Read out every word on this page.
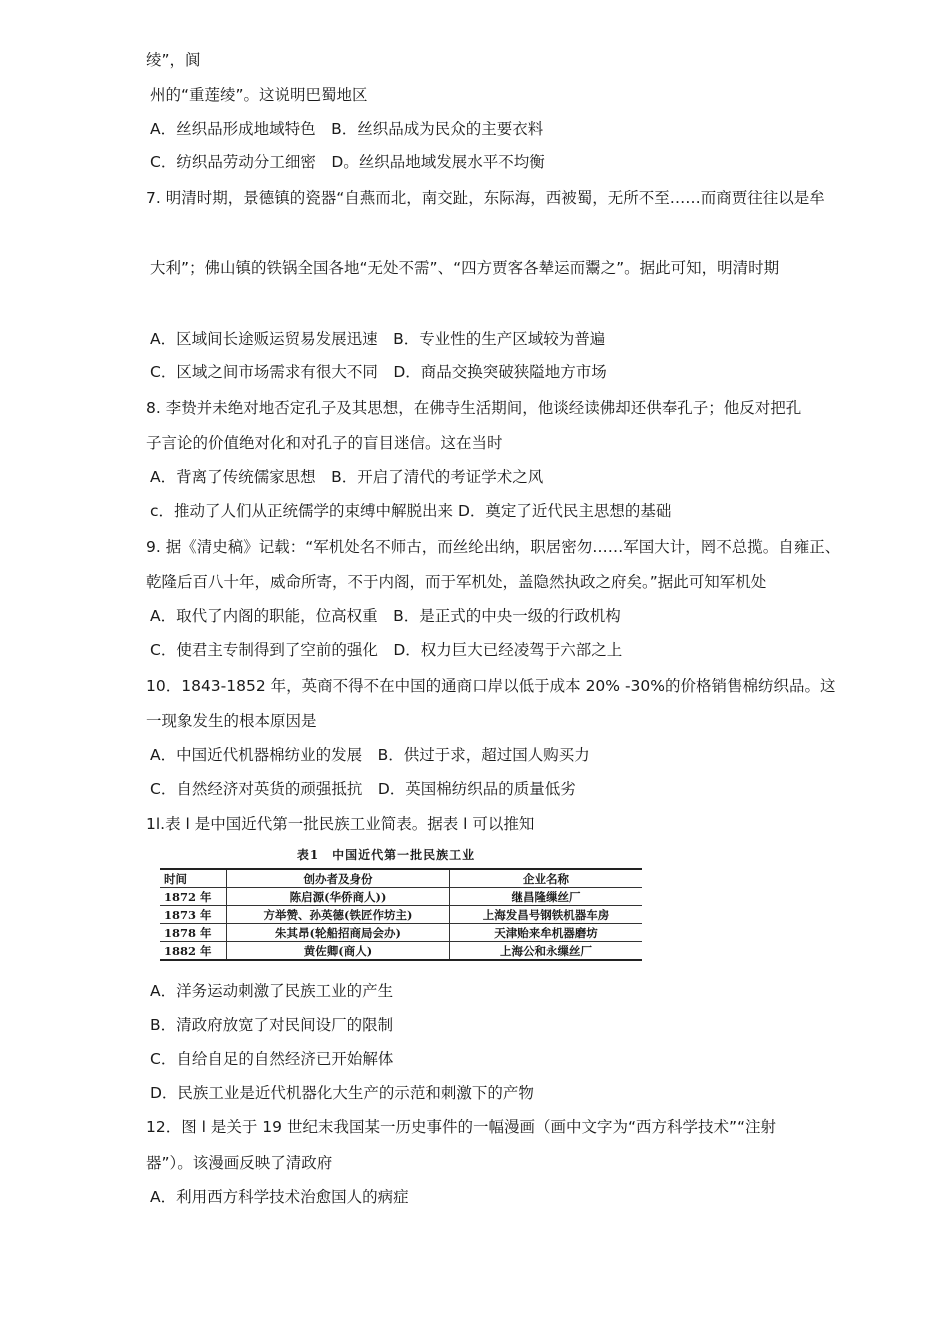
绫”，阆
州的“重莲绫”。这说明巴蜀地区
A．丝织品形成地域特色　B．丝织品成为民众的主要衣料
C．纺织品劳动分工细密　D。丝织品地域发展水平不均衡
7. 明清时期，景德镇的瓷器“自燕而北，南交趾，东际海，西被蜀，无所不至……而商贾往往以是牟
大利”；佛山镇的铁锅全国各地“无处不需”、“四方贾客各辇运而鬻之”。据此可知，明清时期
A．区域间长途贩运贸易发展迅速　B．专业性的生产区域较为普遍
C．区域之间市场需求有很大不同　D．商品交换突破狭隘地方市场
8. 李贽并未绝对地否定孔子及其思想，在佛寺生活期间，他谈经读佛却还供奉孔子；他反对把孔
子言论的价值绝对化和对孔子的盲目迷信。这在当时
A．背离了传统儒家思想　B．开启了清代的考证学术之风
c．推动了人们从正统儒学的束缚中解脱出来 D．奠定了近代民主思想的基础
9. 据《清史稿》记载：“军机处名不师古，而丝纶出纳，职居密勿……军国大计，罔不总揽。自雍正、
乾隆后百八十年，威命所寄，不于内阁，而于军机处，盖隐然执政之府矣。”据此可知军机处
A．取代了内阁的职能，位高权重　B．是正式的中央一级的行政机构
C．使君主专制得到了空前的强化　D．权力巨大已经凌驾于六部之上
10．1843-1852 年，英商不得不在中国的通商口岸以低于成本 20% -30%的价格销售棉纺织品。这
一现象发生的根本原因是
A．中国近代机器棉纺业的发展　B．供过于求，超过国人购买力
C．自然经济对英货的顽强抵抗　D．英国棉纺织品的质量低劣
1l.表 l 是中国近代第一批民族工业简表。据表 l 可以推知
表1　中国近代第一批民族工业
时间	创办者及身份	企业名称
1872 年	陈启源(华侨商人))	继昌隆缫丝厂
1873 年	方举赞、孙英德(铁匠作坊主)	上海发昌号钢铁机器车房
1878 年	朱其昂(轮船招商局会办)	天津贻来牟机器磨坊
1882 年	黄佐卿(商人)	上海公和永缫丝厂
A．洋务运动刺激了民族工业的产生
B．清政府放宽了对民间设厂的限制
C．自给自足的自然经济已开始解体
D．民族工业是近代机器化大生产的示范和刺激下的产物
12．图 l 是关于 19 世纪末我国某一历史事件的一幅漫画（画中文字为“西方科学技术”“注射
器”）。该漫画反映了清政府
A．利用西方科学技术治愈国人的病症
